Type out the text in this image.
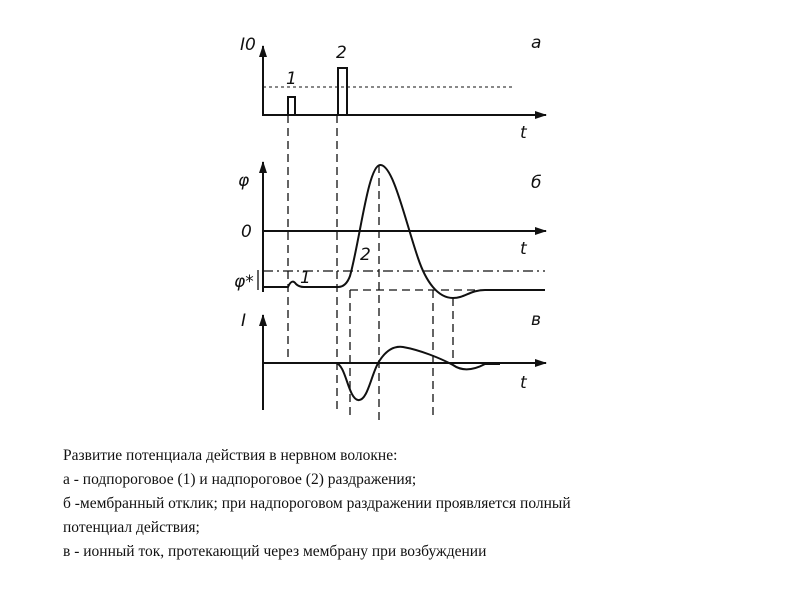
I0
1
2	а
t
φ
0
б
t
2
1
φ*
I	в
t
Развитие потенциала действия в нервном волокне:
а - подпороговое (1) и надпороговое (2) раздражения;
б -мембранный отклик; при надпороговом раздражении проявляется полный
потенциал действия;
в - ионный ток, протекающий через мембрану при возбуждении
